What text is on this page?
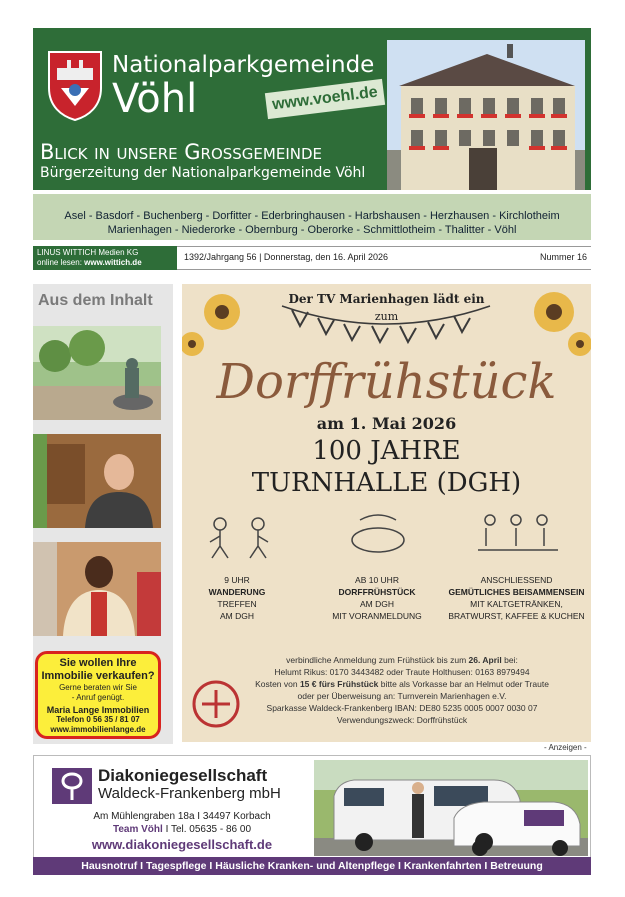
Nationalparkgemeinde
Vöhl	www.voehl.de
Blick in unsere Großgemeinde
Bürgerzeitung der Nationalparkgemeinde Vöhl
Asel - Basdorf - Buchenberg - Dorfitter - Ederbringhausen - Harbshausen - Herzhausen - Kirchlotheim
Marienhagen - Niederorke - Obernburg - Oberorke - Schmittlotheim - Thalitter - Vöhl
LINUS WITTICH Medien KG
online lesen: www.wittich.de
1392/Jahrgang 56 | Donnerstag, den 16. April 2026	Nummer 16
Aus dem Inhalt
Sie wollen Ihre
Immobilie verkaufen?
Gerne beraten wir Sie
- Anruf genügt.
Maria Lange Immobilien
Telefon 0 56 35 / 81 07
www.immobilienlange.de
Der TV Marienhagen lädt ein
zum
Dorffrühstück
am 1. Mai 2026
100 JAHRE
TURNHALLE (DGH)
9 UHR
WANDERUNG
TREFFEN
AM DGH
AB 10 UHR
DORFFRÜHSTÜCK
AM DGH
MIT VORANMELDUNG
ANSCHLIESSEND
GEMÜTLICHES BEISAMMENSEIN
MIT KALTGETRÄNKEN,
BRATWURST, KAFFEE & KUCHEN
verbindliche Anmeldung zum Frühstück bis zum 26. April bei:
Helumt Rikus: 0170 3443482 oder Traute Holthusen: 0163 8979494
Kosten von 15 € fürs Frühstück bitte als Vorkasse bar an Helmut oder Traute
oder per Überweisung an: Turnverein Marienhagen e.V.
Sparkasse Waldeck-Frankenberg IBAN: DE80 5235 0005 0007 0030 07
Verwendungszweck: Dorffrühstück
- Anzeigen -
Diakoniegesellschaft
Waldeck-Frankenberg mbH
Am Mühlengraben 18a I 34497 Korbach
Team Vöhl I Tel. 05635 - 86 00
www.diakoniegesellschaft.de
Hausnotruf I Tagespflege I Häusliche Kranken- und Altenpflege I Krankenfahrten I Betreuung
